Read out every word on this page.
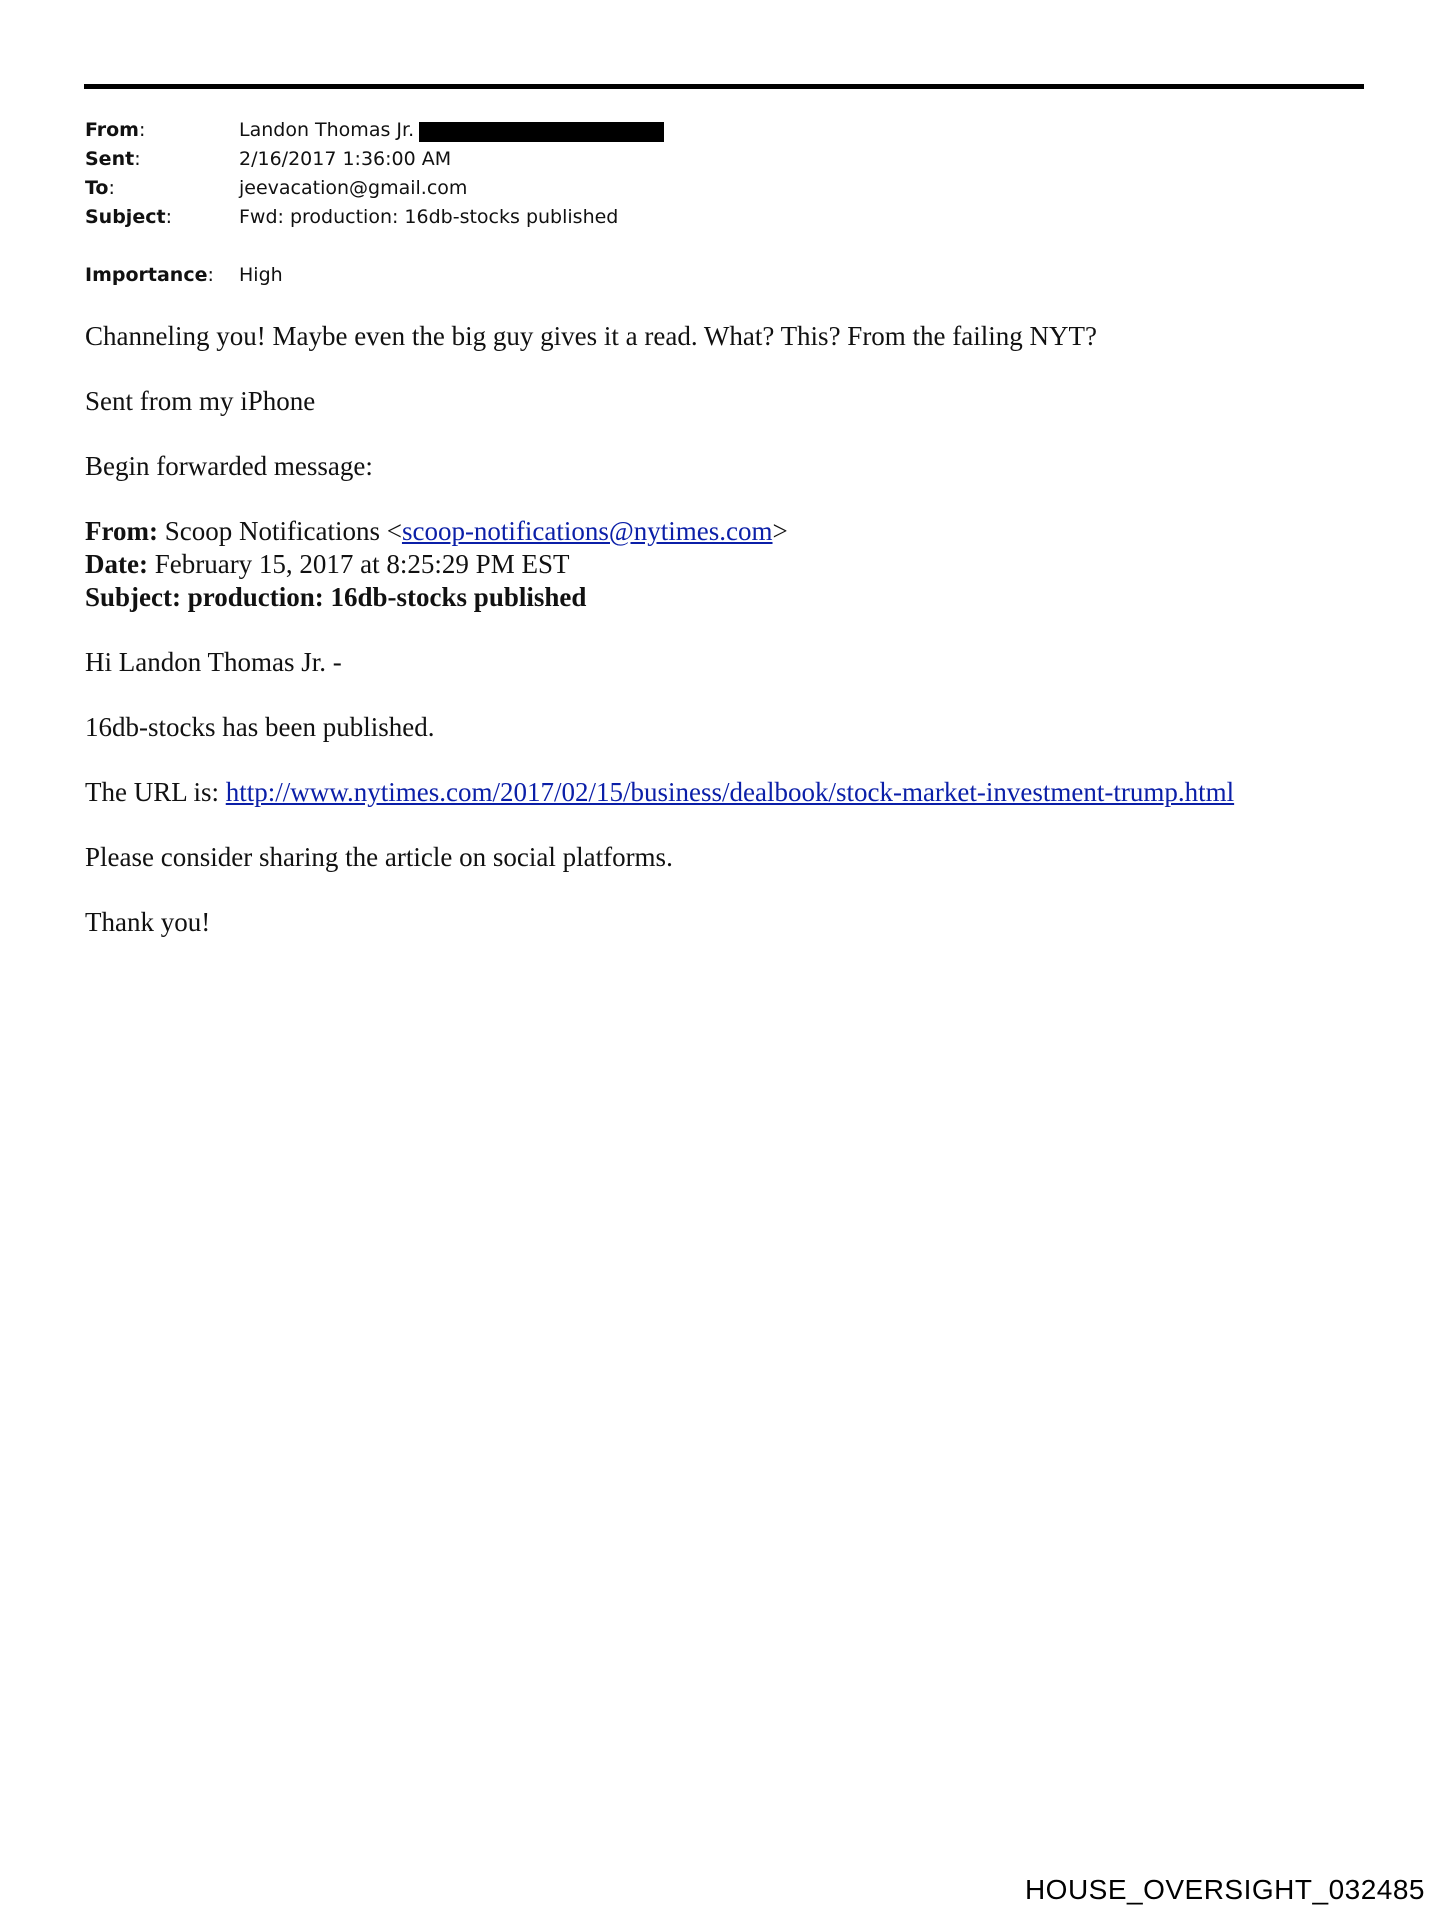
From:	Landon Thomas Jr.
Sent:	2/16/2017 1:36:00 AM
To:	jeevacation@gmail.com
Subject:	Fwd: production: 16db-stocks published
Importance:	High

Channeling you! Maybe even the big guy gives it a read. What? This? From the failing NYT?

Sent from my iPhone

Begin forwarded message:

From: Scoop Notifications <scoop-notifications@nytimes.com>
Date: February 15, 2017 at 8:25:29 PM EST
Subject: production: 16db-stocks published

Hi Landon Thomas Jr. -

16db-stocks has been published.

The URL is: http://www.nytimes.com/2017/02/15/business/dealbook/stock-market-investment-trump.html

Please consider sharing the article on social platforms.

Thank you!

HOUSE_OVERSIGHT_032485
